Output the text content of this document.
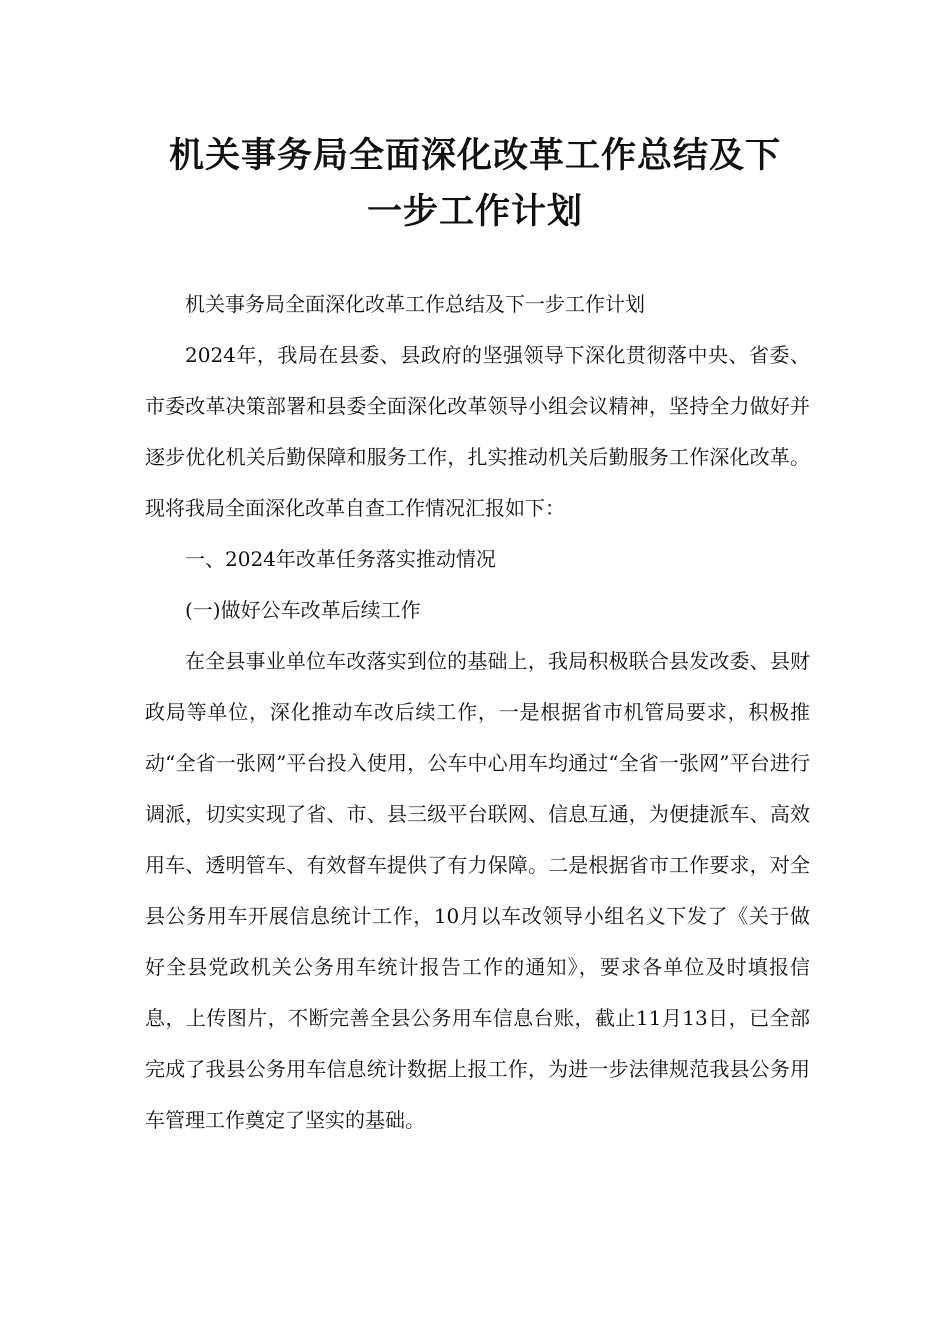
机关事务局全面深化改革工作总结及下
一步工作计划

机关事务局全面深化改革工作总结及下一步工作计划

2024年，我局在县委、县政府的坚强领导下深化贯彻落中央、省委、市委改革决策部署和县委全面深化改革领导小组会议精神，坚持全力做好并逐步优化机关后勤保障和服务工作，扎实推动机关后勤服务工作深化改革。现将我局全面深化改革自查工作情况汇报如下：

一、2024年改革任务落实推动情况

(一)做好公车改革后续工作

在全县事业单位车改落实到位的基础上，我局积极联合县发改委、县财政局等单位，深化推动车改后续工作，一是根据省市机管局要求，积极推动“全省一张网”平台投入使用，公车中心用车均通过“全省一张网”平台进行调派，切实实现了省、市、县三级平台联网、信息互通，为便捷派车、高效用车、透明管车、有效督车提供了有力保障。二是根据省市工作要求，对全县公务用车开展信息统计工作，10月以车改领导小组名义下发了《关于做好全县党政机关公务用车统计报告工作的通知》，要求各单位及时填报信息，上传图片，不断完善全县公务用车信息台账，截止11月13日，已全部完成了我县公务用车信息统计数据上报工作，为进一步法律规范我县公务用车管理工作奠定了坚实的基础。
